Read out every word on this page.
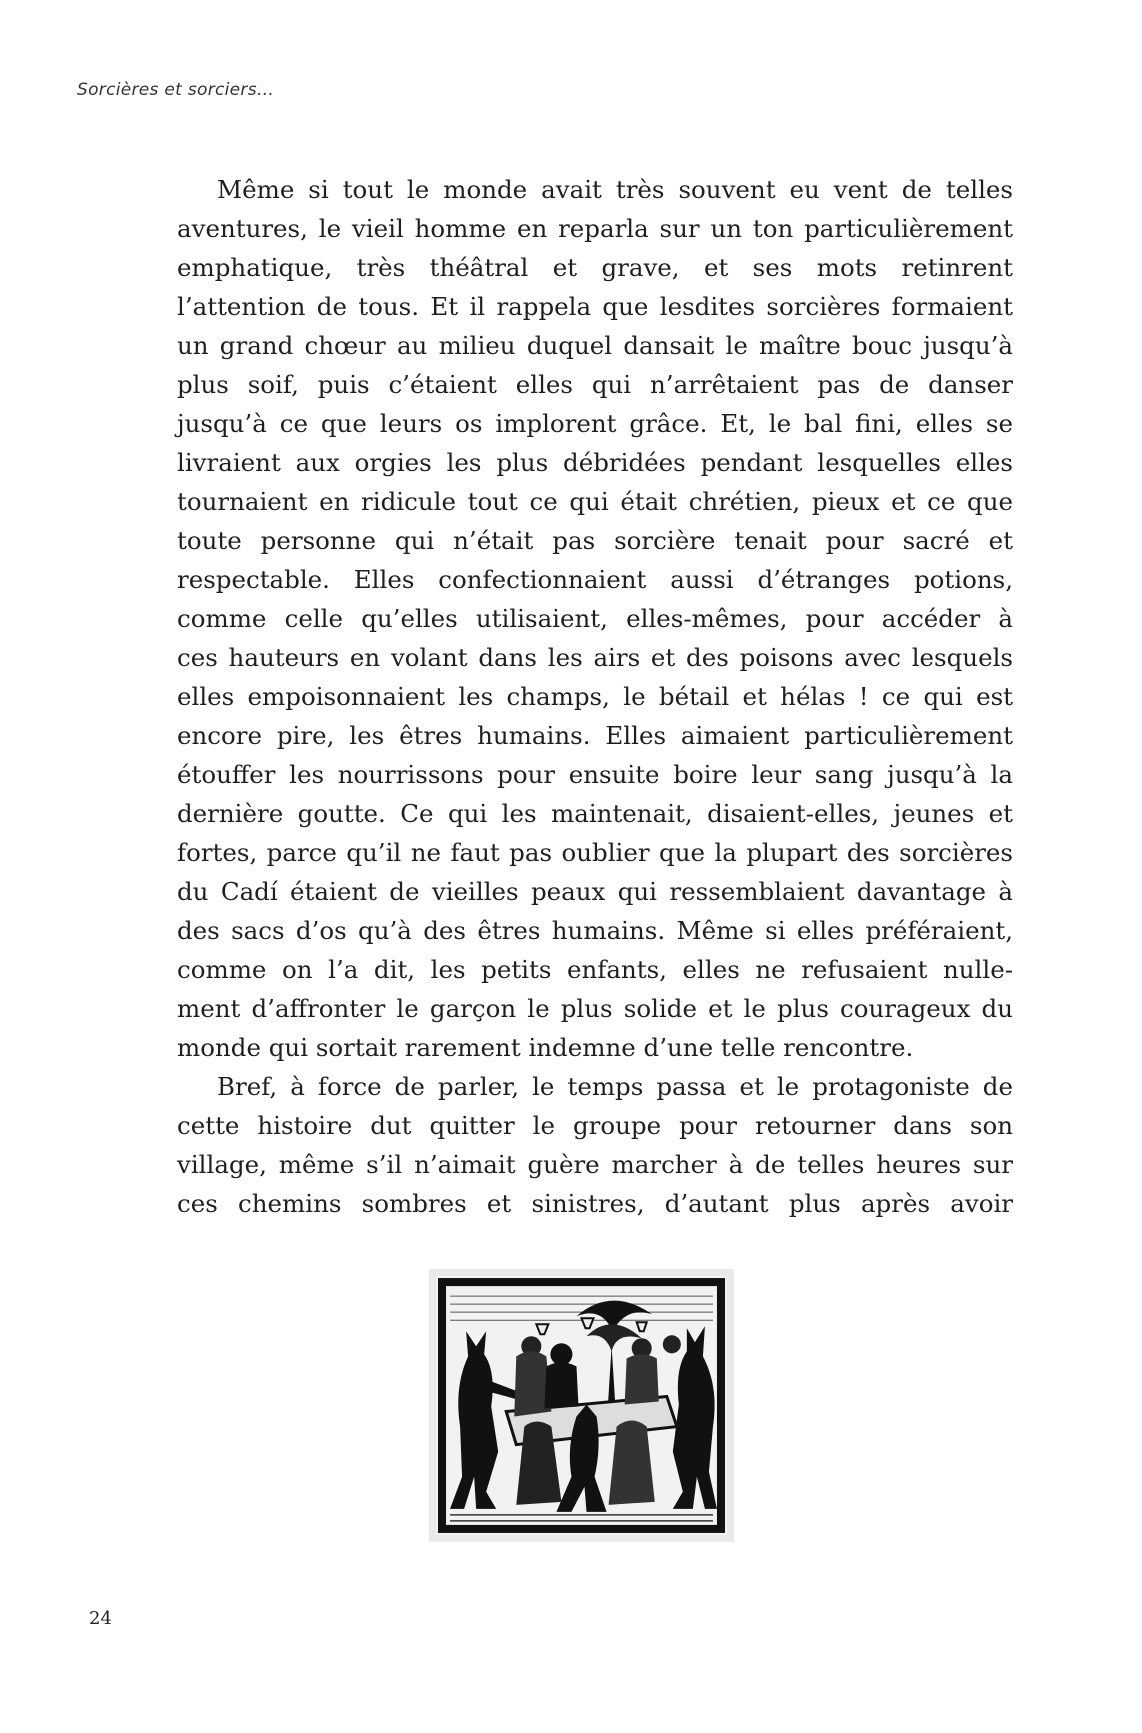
Sorcières et sorciers…
Même si tout le monde avait très souvent eu vent de telles
aventures, le vieil homme en reparla sur un ton particulièrement
emphatique, très théâtral et grave, et ses mots retinrent
l’attention de tous. Et il rappela que lesdites sorcières formaient
un grand chœur au milieu duquel dansait le maître bouc jusqu’à
plus soif, puis c’étaient elles qui n’arrêtaient pas de danser
jusqu’à ce que leurs os implorent grâce. Et, le bal fini, elles se
livraient aux orgies les plus débridées pendant lesquelles elles
tournaient en ridicule tout ce qui était chrétien, pieux et ce que
toute personne qui n’était pas sorcière tenait pour sacré et
respectable. Elles confectionnaient aussi d’étranges potions,
comme celle qu’elles utilisaient, elles-mêmes, pour accéder à
ces hauteurs en volant dans les airs et des poisons avec lesquels
elles empoisonnaient les champs, le bétail et hélas ! ce qui est
encore pire, les êtres humains. Elles aimaient particulièrement
étouffer les nourrissons pour ensuite boire leur sang jusqu’à la
dernière goutte. Ce qui les maintenait, disaient-elles, jeunes et
fortes, parce qu’il ne faut pas oublier que la plupart des sorcières
du Cadí étaient de vieilles peaux qui ressemblaient davantage à
des sacs d’os qu’à des êtres humains. Même si elles préféraient,
comme on l’a dit, les petits enfants, elles ne refusaient nulle-
ment d’affronter le garçon le plus solide et le plus courageux du
monde qui sortait rarement indemne d’une telle rencontre.
Bref, à force de parler, le temps passa et le protagoniste de
cette histoire dut quitter le groupe pour retourner dans son
village, même s’il n’aimait guère marcher à de telles heures sur
ces chemins sombres et sinistres, d’autant plus après avoir
24
